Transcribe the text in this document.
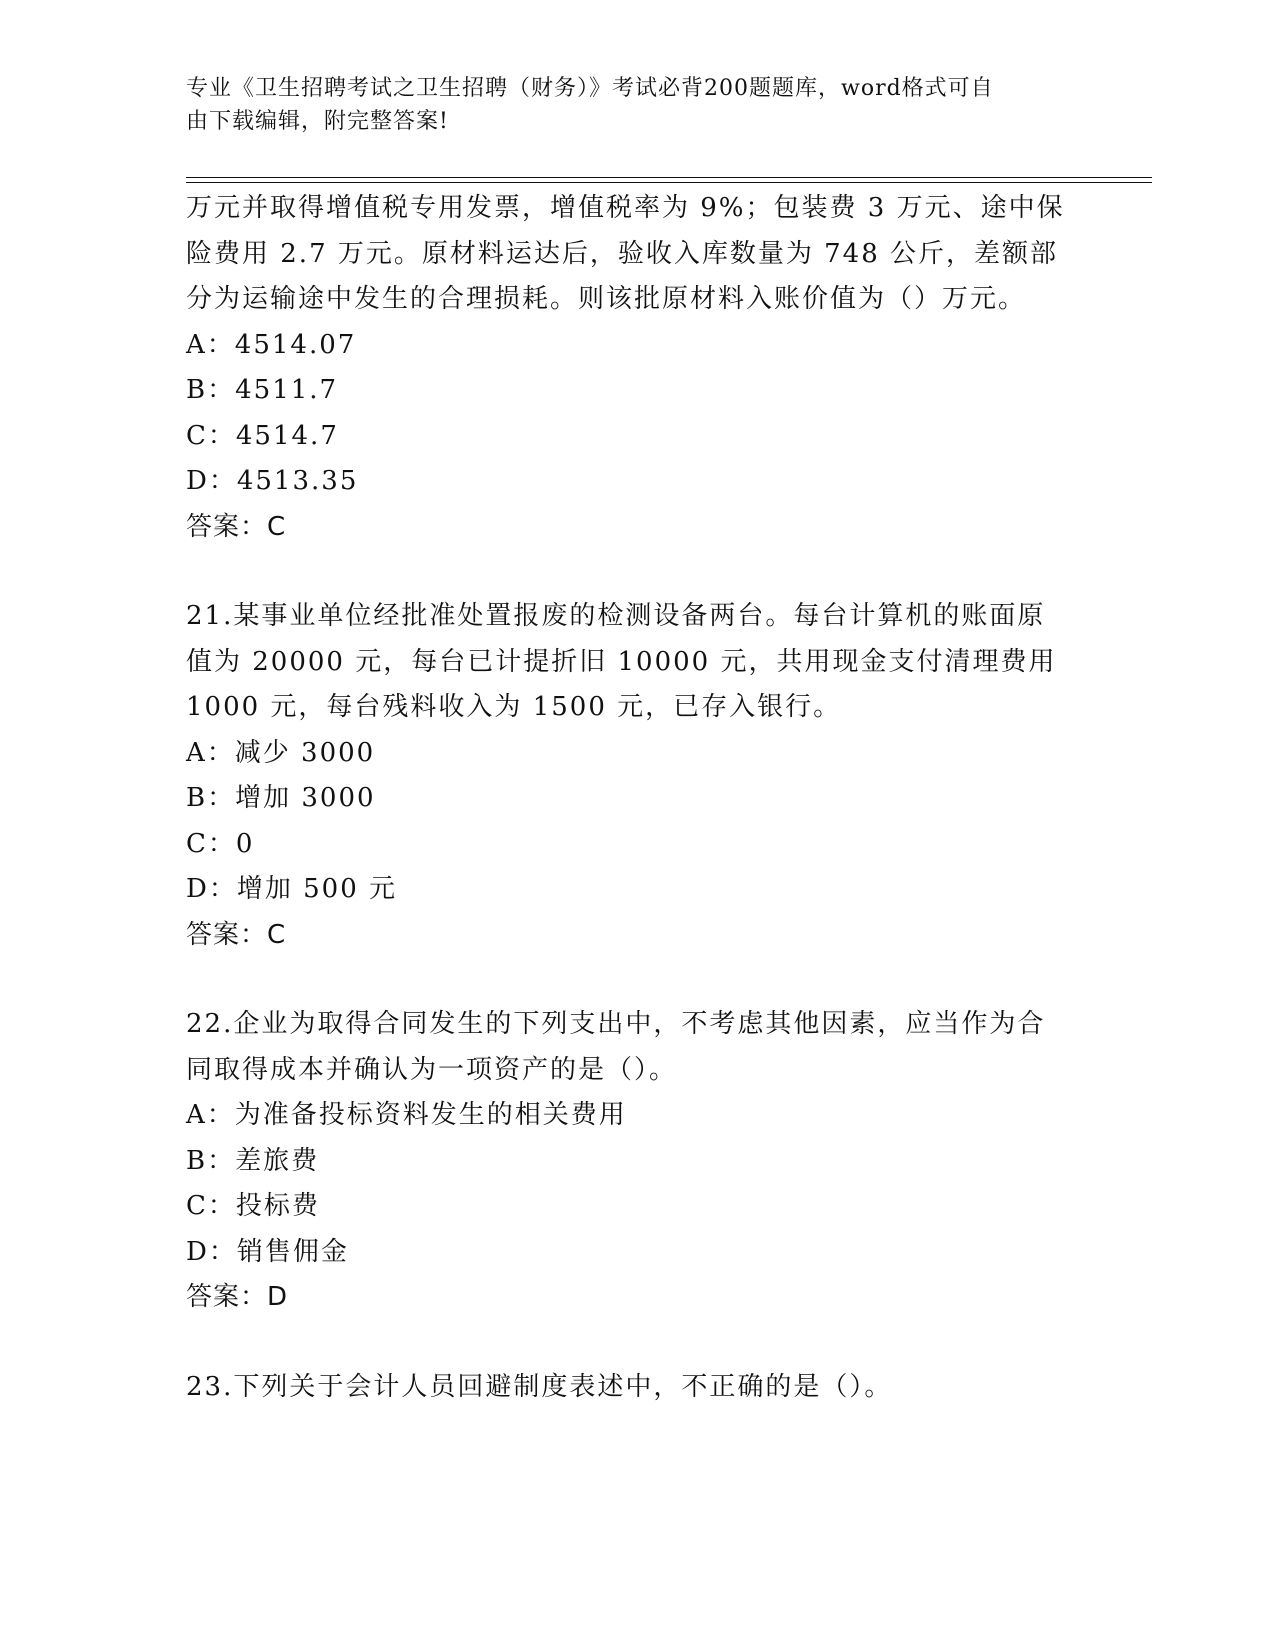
专业《卫生招聘考试之卫生招聘（财务）》考试必背200题题库，word格式可自
由下载编辑，附完整答案!

万元并取得增值税专用发票，增值税率为 9%；包装费 3 万元、途中保

险费用 2.7 万元。原材料运达后，验收入库数量为 748 公斤，差额部

分为运输途中发生的合理损耗。则该批原材料入账价值为（）万元。

A：4514.07

B：4511.7

C：4514.7

D：4513.35

答案：C

21.某事业单位经批准处置报废的检测设备两台。每台计算机的账面原

值为 20000 元，每台已计提折旧 10000 元，共用现金支付清理费用

1000 元，每台残料收入为 1500 元，已存入银行。

A：减少 3000

B：增加 3000

C：0

D：增加 500 元

答案：C

22.企业为取得合同发生的下列支出中，不考虑其他因素，应当作为合

同取得成本并确认为一项资产的是（）。

A：为准备投标资料发生的相关费用

B：差旅费

C：投标费

D：销售佣金

答案：D

23.下列关于会计人员回避制度表述中，不正确的是（）。
